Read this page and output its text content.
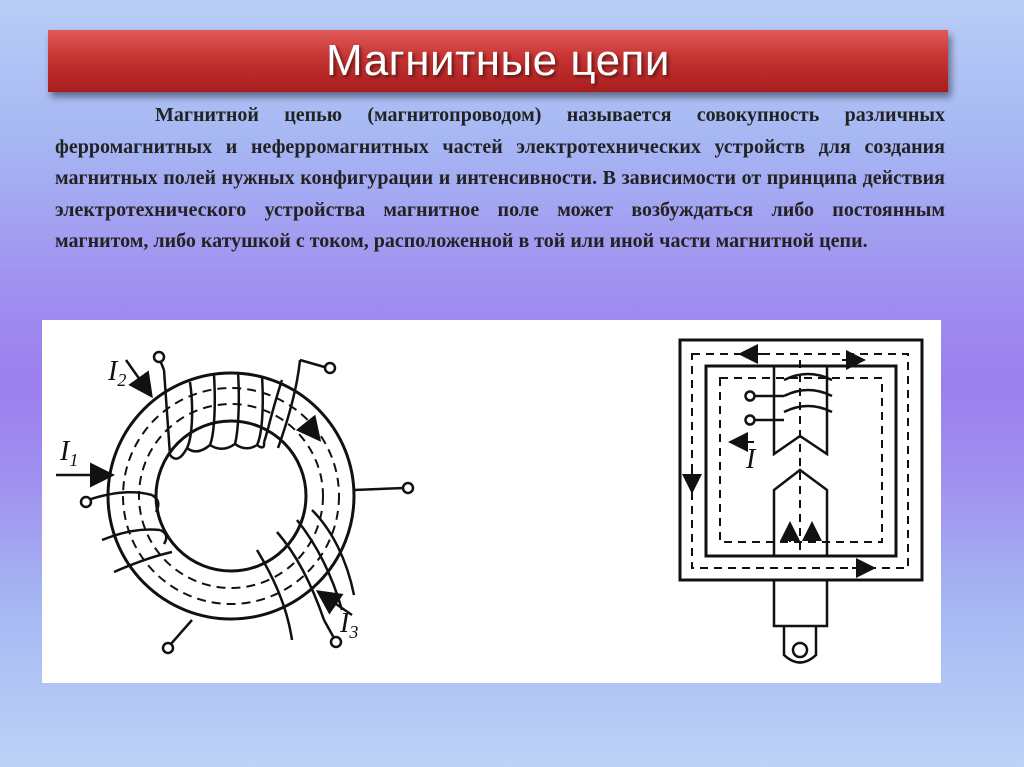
Магнитные цепи

Магнитной цепью (магнитопроводом) называется совокупность различных ферромагнитных и неферромагнитных частей электротехнических устройств для создания магнитных полей нужных конфигурации и интенсивности. В зависимости от принципа действия электротехнического устройства магнитное поле может возбуждаться либо постоянным магнитом, либо катушкой с током, расположенной в той или иной части магнитной цепи.

$I_1$
$I_2$
$I_3$
I
